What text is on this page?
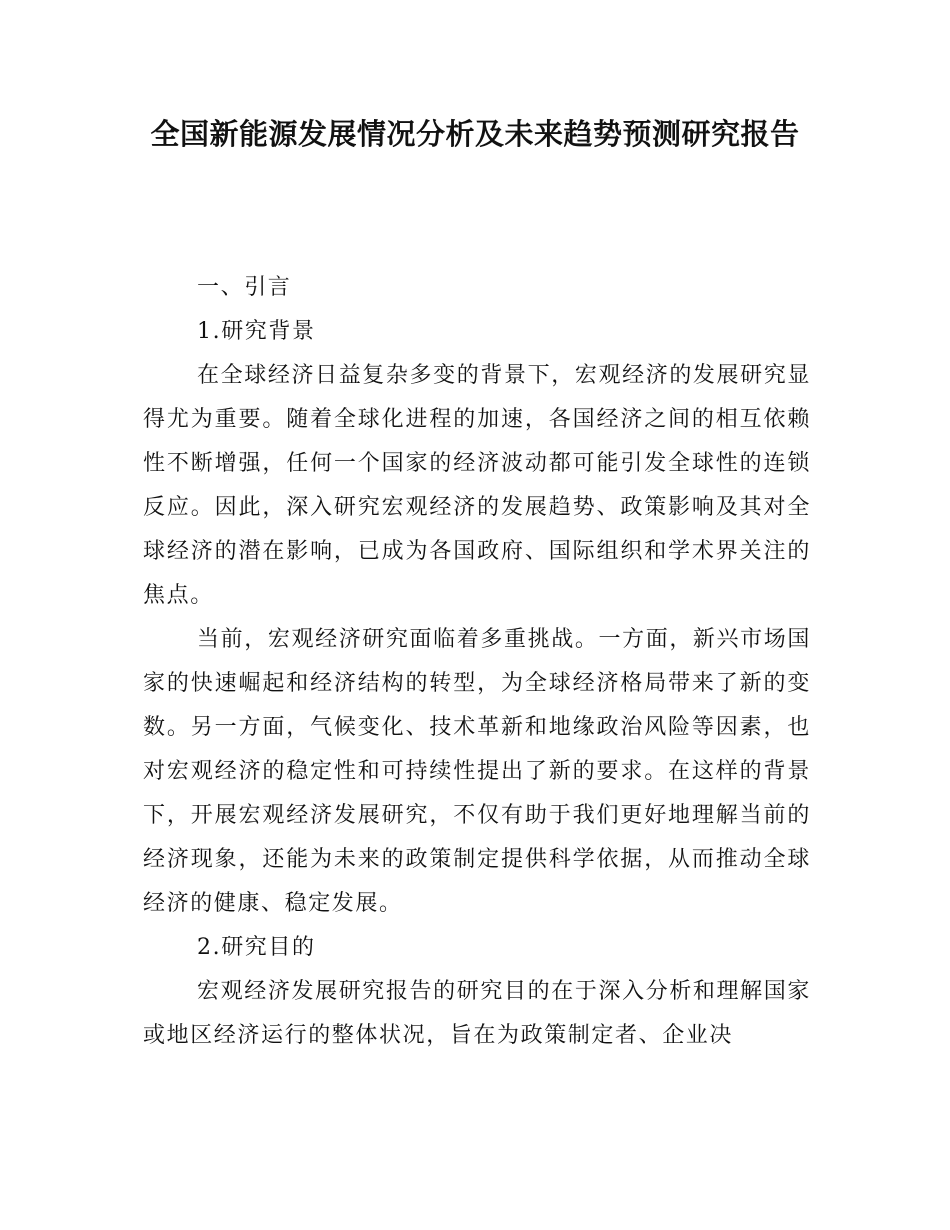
全国新能源发展情况分析及未来趋势预测研究报告

一、引言

1.研究背景

在全球经济日益复杂多变的背景下，宏观经济的发展研究显得尤为重要。随着全球化进程的加速，各国经济之间的相互依赖性不断增强，任何一个国家的经济波动都可能引发全球性的连锁反应。因此，深入研究宏观经济的发展趋势、政策影响及其对全球经济的潜在影响，已成为各国政府、国际组织和学术界关注的焦点。

当前，宏观经济研究面临着多重挑战。一方面，新兴市场国家的快速崛起和经济结构的转型，为全球经济格局带来了新的变数。另一方面，气候变化、技术革新和地缘政治风险等因素，也对宏观经济的稳定性和可持续性提出了新的要求。在这样的背景下，开展宏观经济发展研究，不仅有助于我们更好地理解当前的经济现象，还能为未来的政策制定提供科学依据，从而推动全球经济的健康、稳定发展。

2.研究目的

宏观经济发展研究报告的研究目的在于深入分析和理解国家或地区经济运行的整体状况，旨在为政策制定者、企业决
